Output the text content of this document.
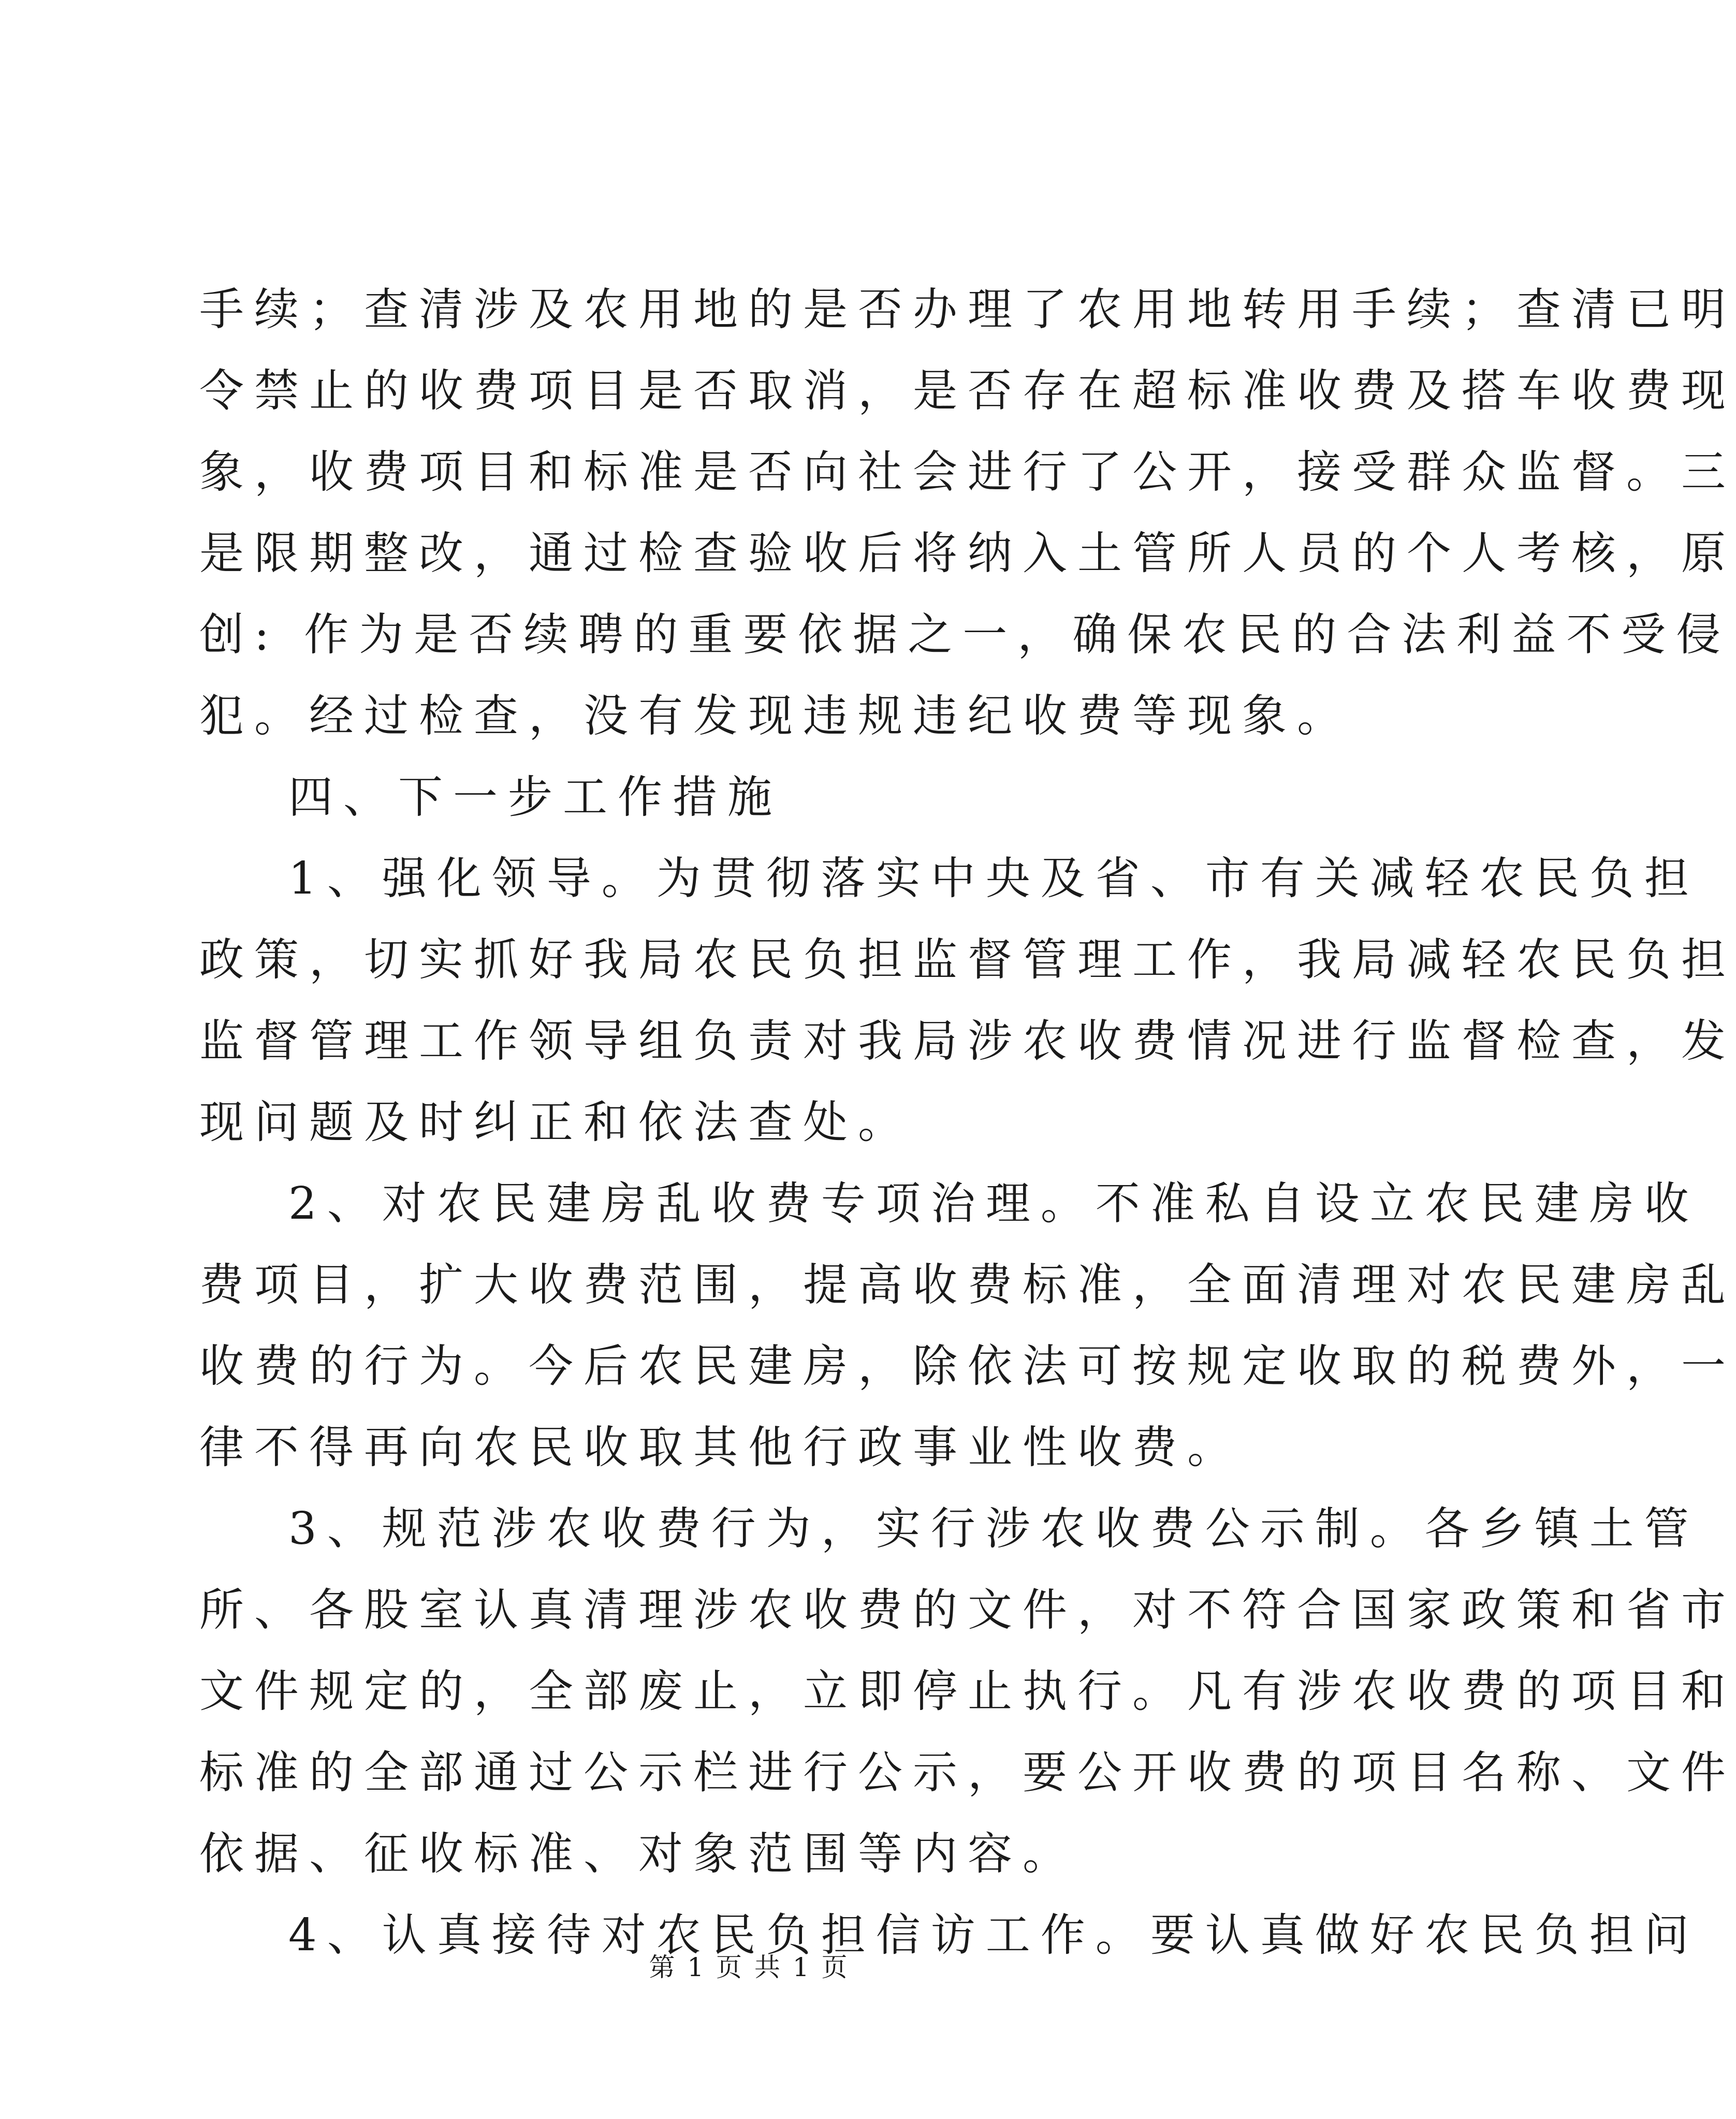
手续；查清涉及农用地的是否办理了农用地转用手续；查清已明
令禁止的收费项目是否取消，是否存在超标准收费及搭车收费现
象，收费项目和标准是否向社会进行了公开，接受群众监督。三
是限期整改，通过检查验收后将纳入土管所人员的个人考核，原
创: 作为是否续聘的重要依据之一，确保农民的合法利益不受侵
犯。经过检查，没有发现违规违纪收费等现象。
四、下一步工作措施
1、强化领导。为贯彻落实中央及省、市有关减轻农民负担
政策，切实抓好我局农民负担监督管理工作，我局减轻农民负担
监督管理工作领导组负责对我局涉农收费情况进行监督检查，发
现问题及时纠正和依法查处。
2、对农民建房乱收费专项治理。不准私自设立农民建房收
费项目，扩大收费范围，提高收费标准，全面清理对农民建房乱
收费的行为。今后农民建房，除依法可按规定收取的税费外，一
律不得再向农民收取其他行政事业性收费。
3、规范涉农收费行为，实行涉农收费公示制。各乡镇土管
所、各股室认真清理涉农收费的文件，对不符合国家政策和省市
文件规定的，全部废止，立即停止执行。凡有涉农收费的项目和
标准的全部通过公示栏进行公示，要公开收费的项目名称、文件
依据、征收标准、对象范围等内容。
4、认真接待对农民负担信访工作。要认真做好农民负担问
第 1 页 共 1 页
